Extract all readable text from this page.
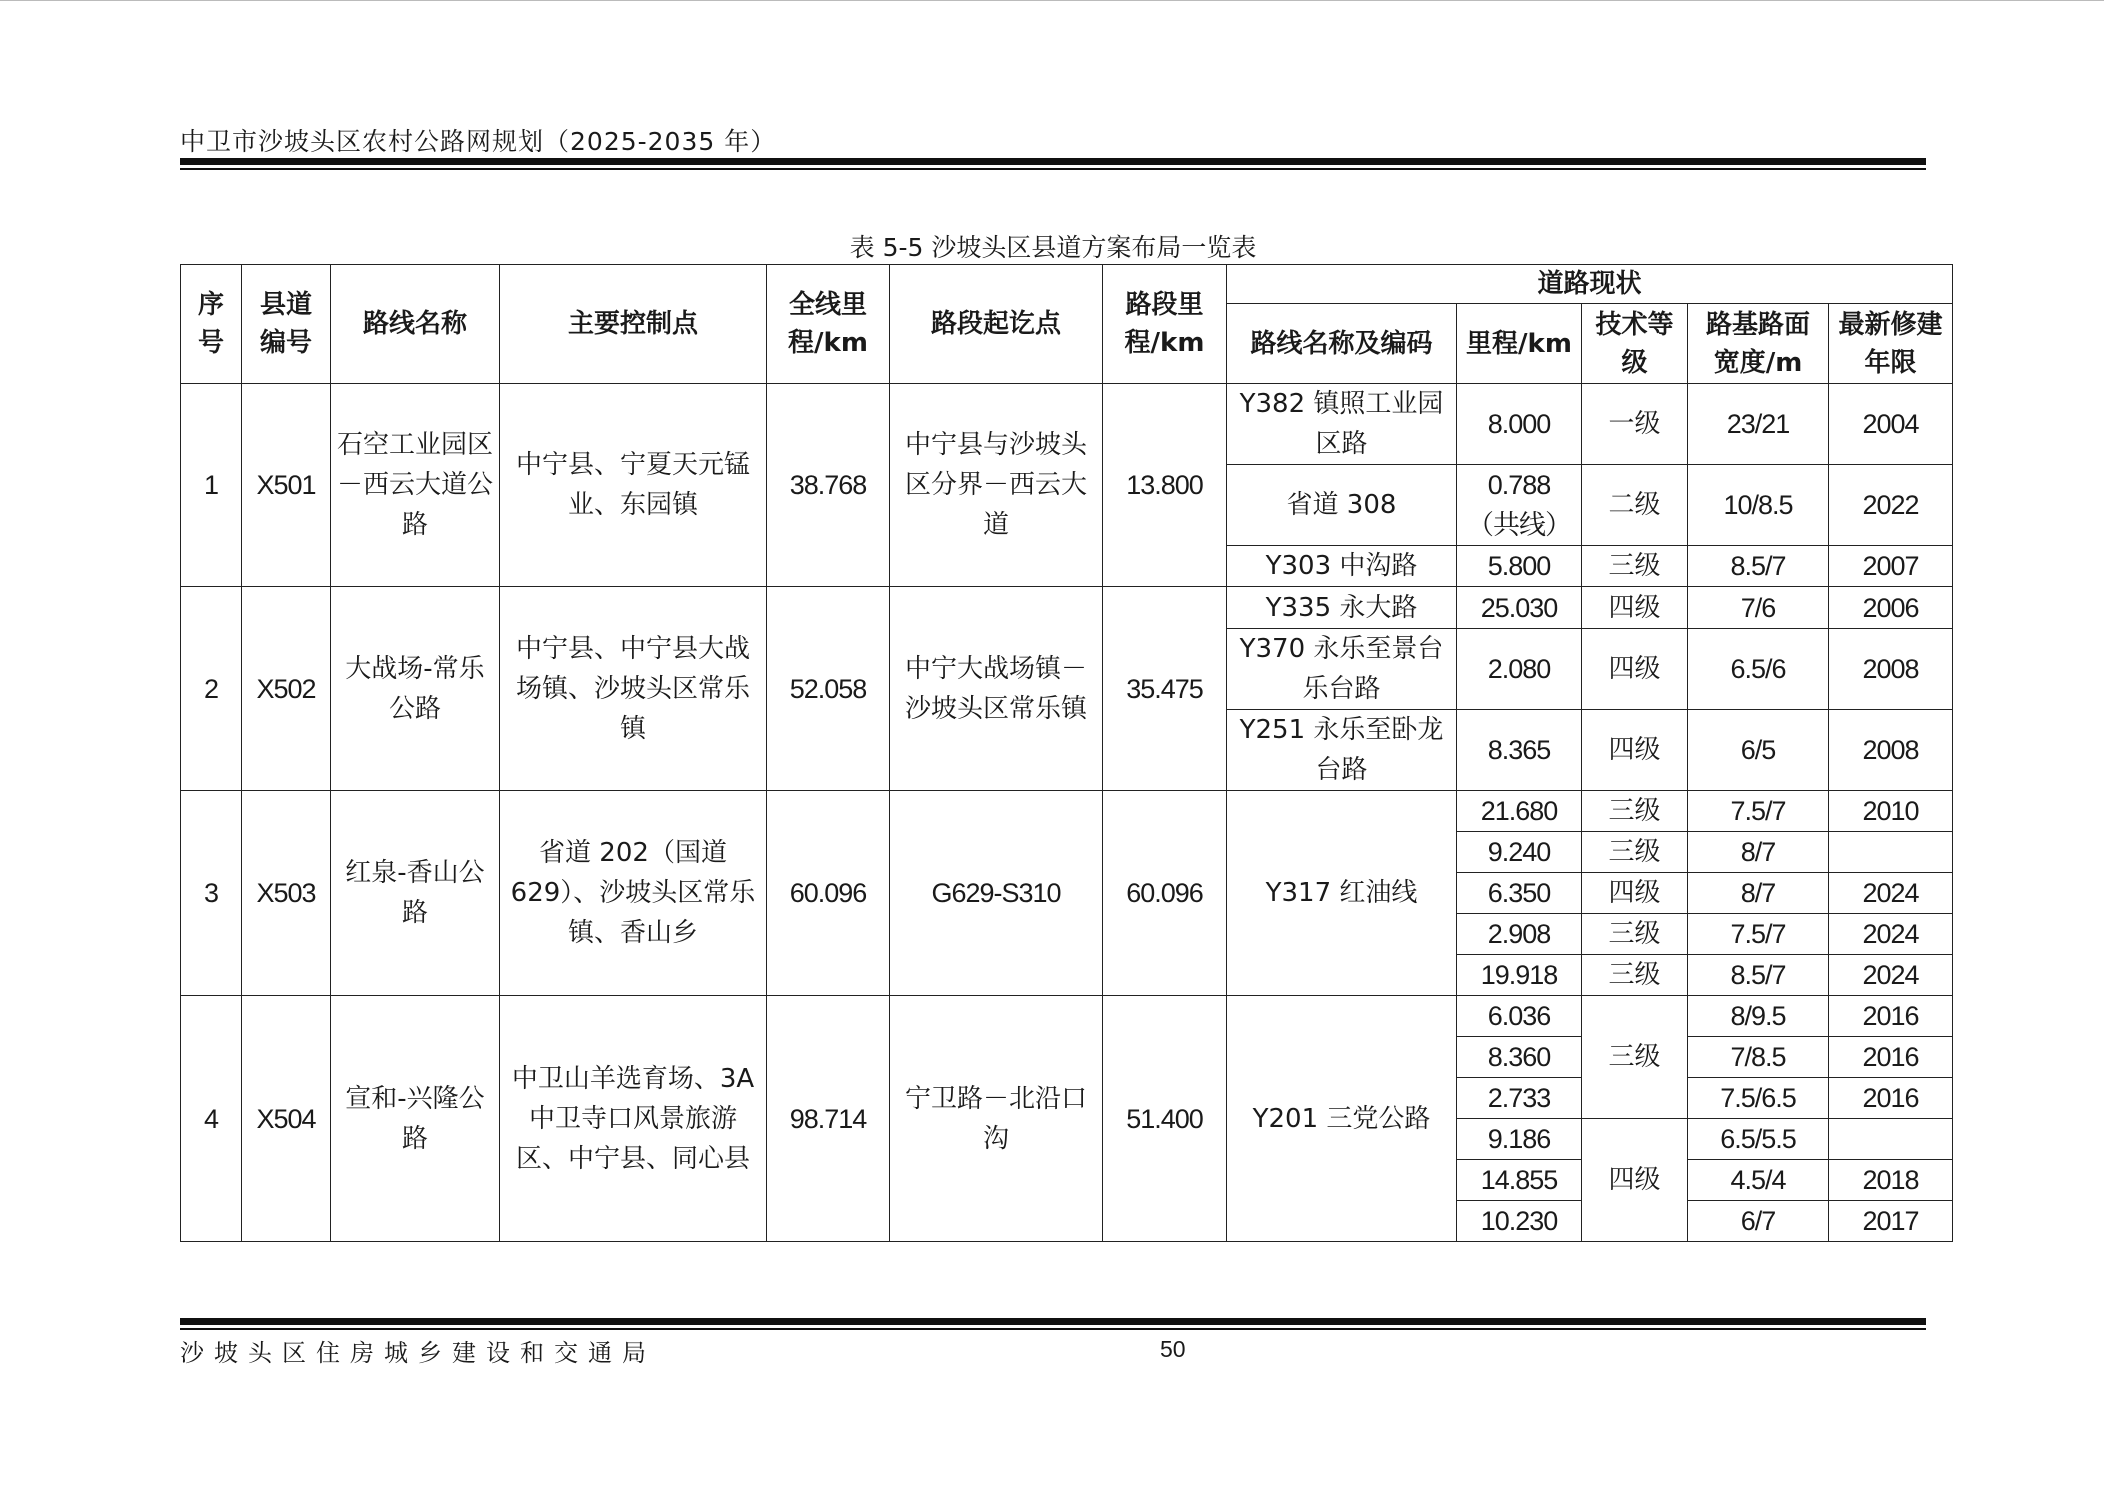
中卫市沙坡头区农村公路网规划（2025-2035 年）
表 5-5 沙坡头区县道方案布局一览表
序号	县道编号	路线名称	主要控制点	全线里程/km	路段起讫点	路段里程/km	道路现状				
							路线名称及编码	里程/km	技术等级	路基路面宽度/m	最新修建年限
1	X501	石空工业园区－西云大道公路	中宁县、宁夏天元锰业、东园镇	38.768	中宁县与沙坡头区分界－西云大道	13.800	Y382 镇照工业园区路	8.000	一级	23/21	2004
							省道 308	0.788（共线）	二级	10/8.5	2022
							Y303 中沟路	5.800	三级	8.5/7	2007
2	X502	大战场-常乐公路	中宁县、中宁县大战场镇、沙坡头区常乐镇	52.058	中宁大战场镇－沙坡头区常乐镇	35.475	Y335 永大路	25.030	四级	7/6	2006
							Y370 永乐至景台乐台路	2.080	四级	6.5/6	2008
							Y251 永乐至卧龙台路	8.365	四级	6/5	2008
3	X503	红泉-香山公路	省道 202（国道 629）、沙坡头区常乐镇、香山乡	60.096	G629-S310	60.096	Y317 红油线	21.680	三级	7.5/7	2010
								9.240	三级	8/7	
								6.350	四级	8/7	2024
								2.908	三级	7.5/7	2024
								19.918	三级	8.5/7	2024
4	X504	宣和-兴隆公路	中卫山羊选育场、3A 中卫寺口风景旅游区、中宁县、同心县	98.714	宁卫路－北沿口沟	51.400	Y201 三党公路	6.036	三级	8/9.5	2016
								8.360		7/8.5	2016
								2.733		7.5/6.5	2016
								9.186	四级	6.5/5.5	
								14.855		4.5/4	2018
								10.230		6/7	2017
沙坡头区住房城乡建设和交通局	50
